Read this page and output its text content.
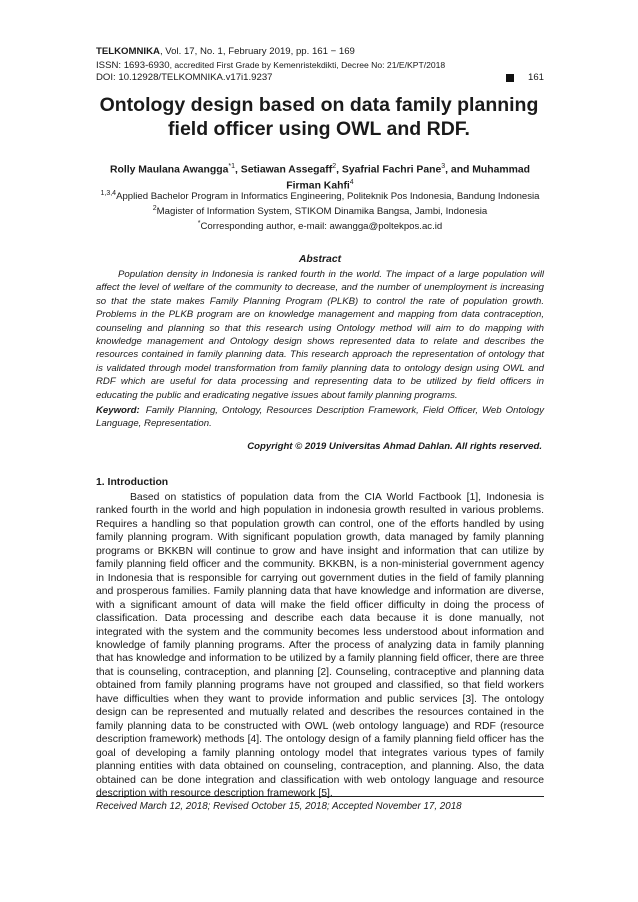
TELKOMNIKA, Vol. 17, No. 1, February 2019, pp. 161 − 169
ISSN: 1693-6930, accredited First Grade by Kemenristekdikti, Decree No: 21/E/KPT/2018
DOI: 10.12928/TELKOMNIKA.v17i1.9237	161
Ontology design based on data family planning
field officer using OWL and RDF.
Rolly Maulana Awangga$^{*1}$, Setiawan Assegaff$^2$, Syafrial Fachri Pane$^3$, and Muhammad Firman Kahfi$^4$
$^{1,3,4}$Applied Bachelor Program in Informatics Engineering, Politeknik Pos Indonesia, Bandung Indonesia
$^2$Magister of Information System, STIKOM Dinamika Bangsa, Jambi, Indonesia
*Corresponding author, e-mail: awangga@poltekpos.ac.id
Abstract

Population density in Indonesia is ranked fourth in the world. The impact of a large population will affect the level of welfare of the community to decrease, and the number of unemployment is increasing so that the state makes Family Planning Program (PLKB) to control the rate of population growth. Problems in the PLKB program are on knowledge management and mapping from data contraception, counseling and planning so that this research using Ontology method will aim to do mapping with knowledge management and Ontology design shows represented data to relate and describes the resources contained in family planning data. This research approach the representation of ontology that is validated through model transformation from family planning data to ontology design using OWL and RDF which are useful for data processing and representing data to be utilized by field officers in educating the public and eradicating negative issues about family planning programs.

Keyword: Family Planning, Ontology, Resources Description Framework, Field Officer, Web Ontology Language, Representation.

Copyright © 2019 Universitas Ahmad Dahlan. All rights reserved.
1. Introduction

Based on statistics of population data from the CIA World Factbook [1], Indonesia is ranked fourth in the world and high population in indonesia growth resulted in various problems. Requires a handling so that population growth can control, one of the efforts handled by using family planning program. With significant population growth, data managed by family planning programs or BKKBN will continue to grow and have insight and information that can utilize by family planning field officer and the community. BKKBN, is a non-ministerial government agency in Indonesia that is responsible for carrying out government duties in the field of family planning and prosperous families. Family planning data that have knowledge and information are diverse, with a significant amount of data will make the field officer difficulty in doing the process of classification. Data processing and describe each data because it is done manually, not integrated with the system and the community becomes less understood about information and knowledge of family planning programs. After the process of analyzing data in family planning that has knowledge and information to be utilized by a family planning field officer, there are three that is counseling, contraception, and planning [2]. Counseling, contraceptive and planning data obtained from family planning programs have not grouped and classified, so that field workers have difficulties when they want to provide information and public services [3]. The ontology design can be represented and mutually related and describes the resources contained in the family planning data to be constructed with OWL (web ontology language) and RDF (resource description framework) methods [4]. The ontology design of a family planning field officer has the goal of developing a family planning ontology model that integrates various types of family planning entities with data obtained on counseling, contraception, and planning. Also, the data obtained can be done integration and classification with web ontology language and resource description with resource description framework [5].

Received March 12, 2018; Revised October 15, 2018; Accepted November 17, 2018
